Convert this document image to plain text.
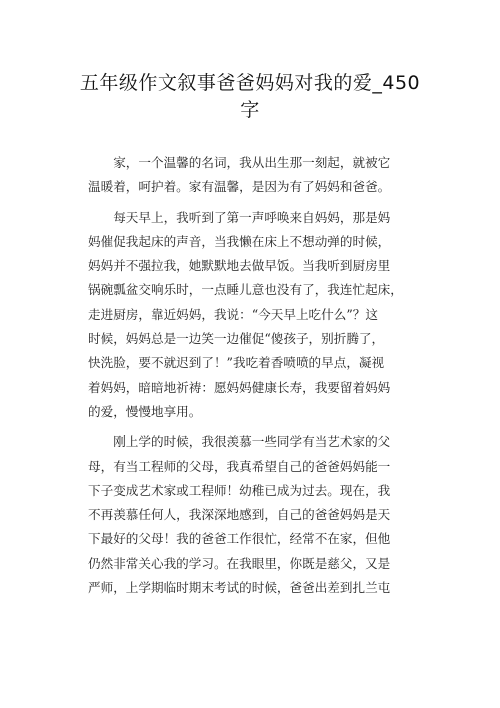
五年级作文叙事爸爸妈妈对我的爱_450
字
　　家，一个温馨的名词，我从出生那一刻起，就被它
温暖着，呵护着。家有温馨，是因为有了妈妈和爸爸。
　　每天早上，我听到了第一声呼唤来自妈妈，那是妈
妈催促我起床的声音，当我懒在床上不想动弹的时候，
妈妈并不强拉我，她默默地去做早饭。当我听到厨房里
锅碗瓢盆交响乐时，一点睡儿意也没有了，我连忙起床，
走进厨房，靠近妈妈，我说：“今天早上吃什么”？这
时候，妈妈总是一边笑一边催促“傻孩子，别折腾了，
快洗脸，要不就迟到了！”我吃着香喷喷的早点，凝视
着妈妈，暗暗地祈祷：愿妈妈健康长寿，我要留着妈妈
的爱，慢慢地享用。
　　刚上学的时候，我很羡慕一些同学有当艺术家的父
母，有当工程师的父母，我真希望自己的爸爸妈妈能一
下子变成艺术家或工程师！幼稚已成为过去。现在，我
不再羡慕任何人，我深深地感到，自己的爸爸妈妈是天
下最好的父母！我的爸爸工作很忙，经常不在家，但他
仍然非常关心我的学习。在我眼里，你既是慈父，又是
严师，上学期临时期末考试的时候，爸爸出差到扎兰屯
